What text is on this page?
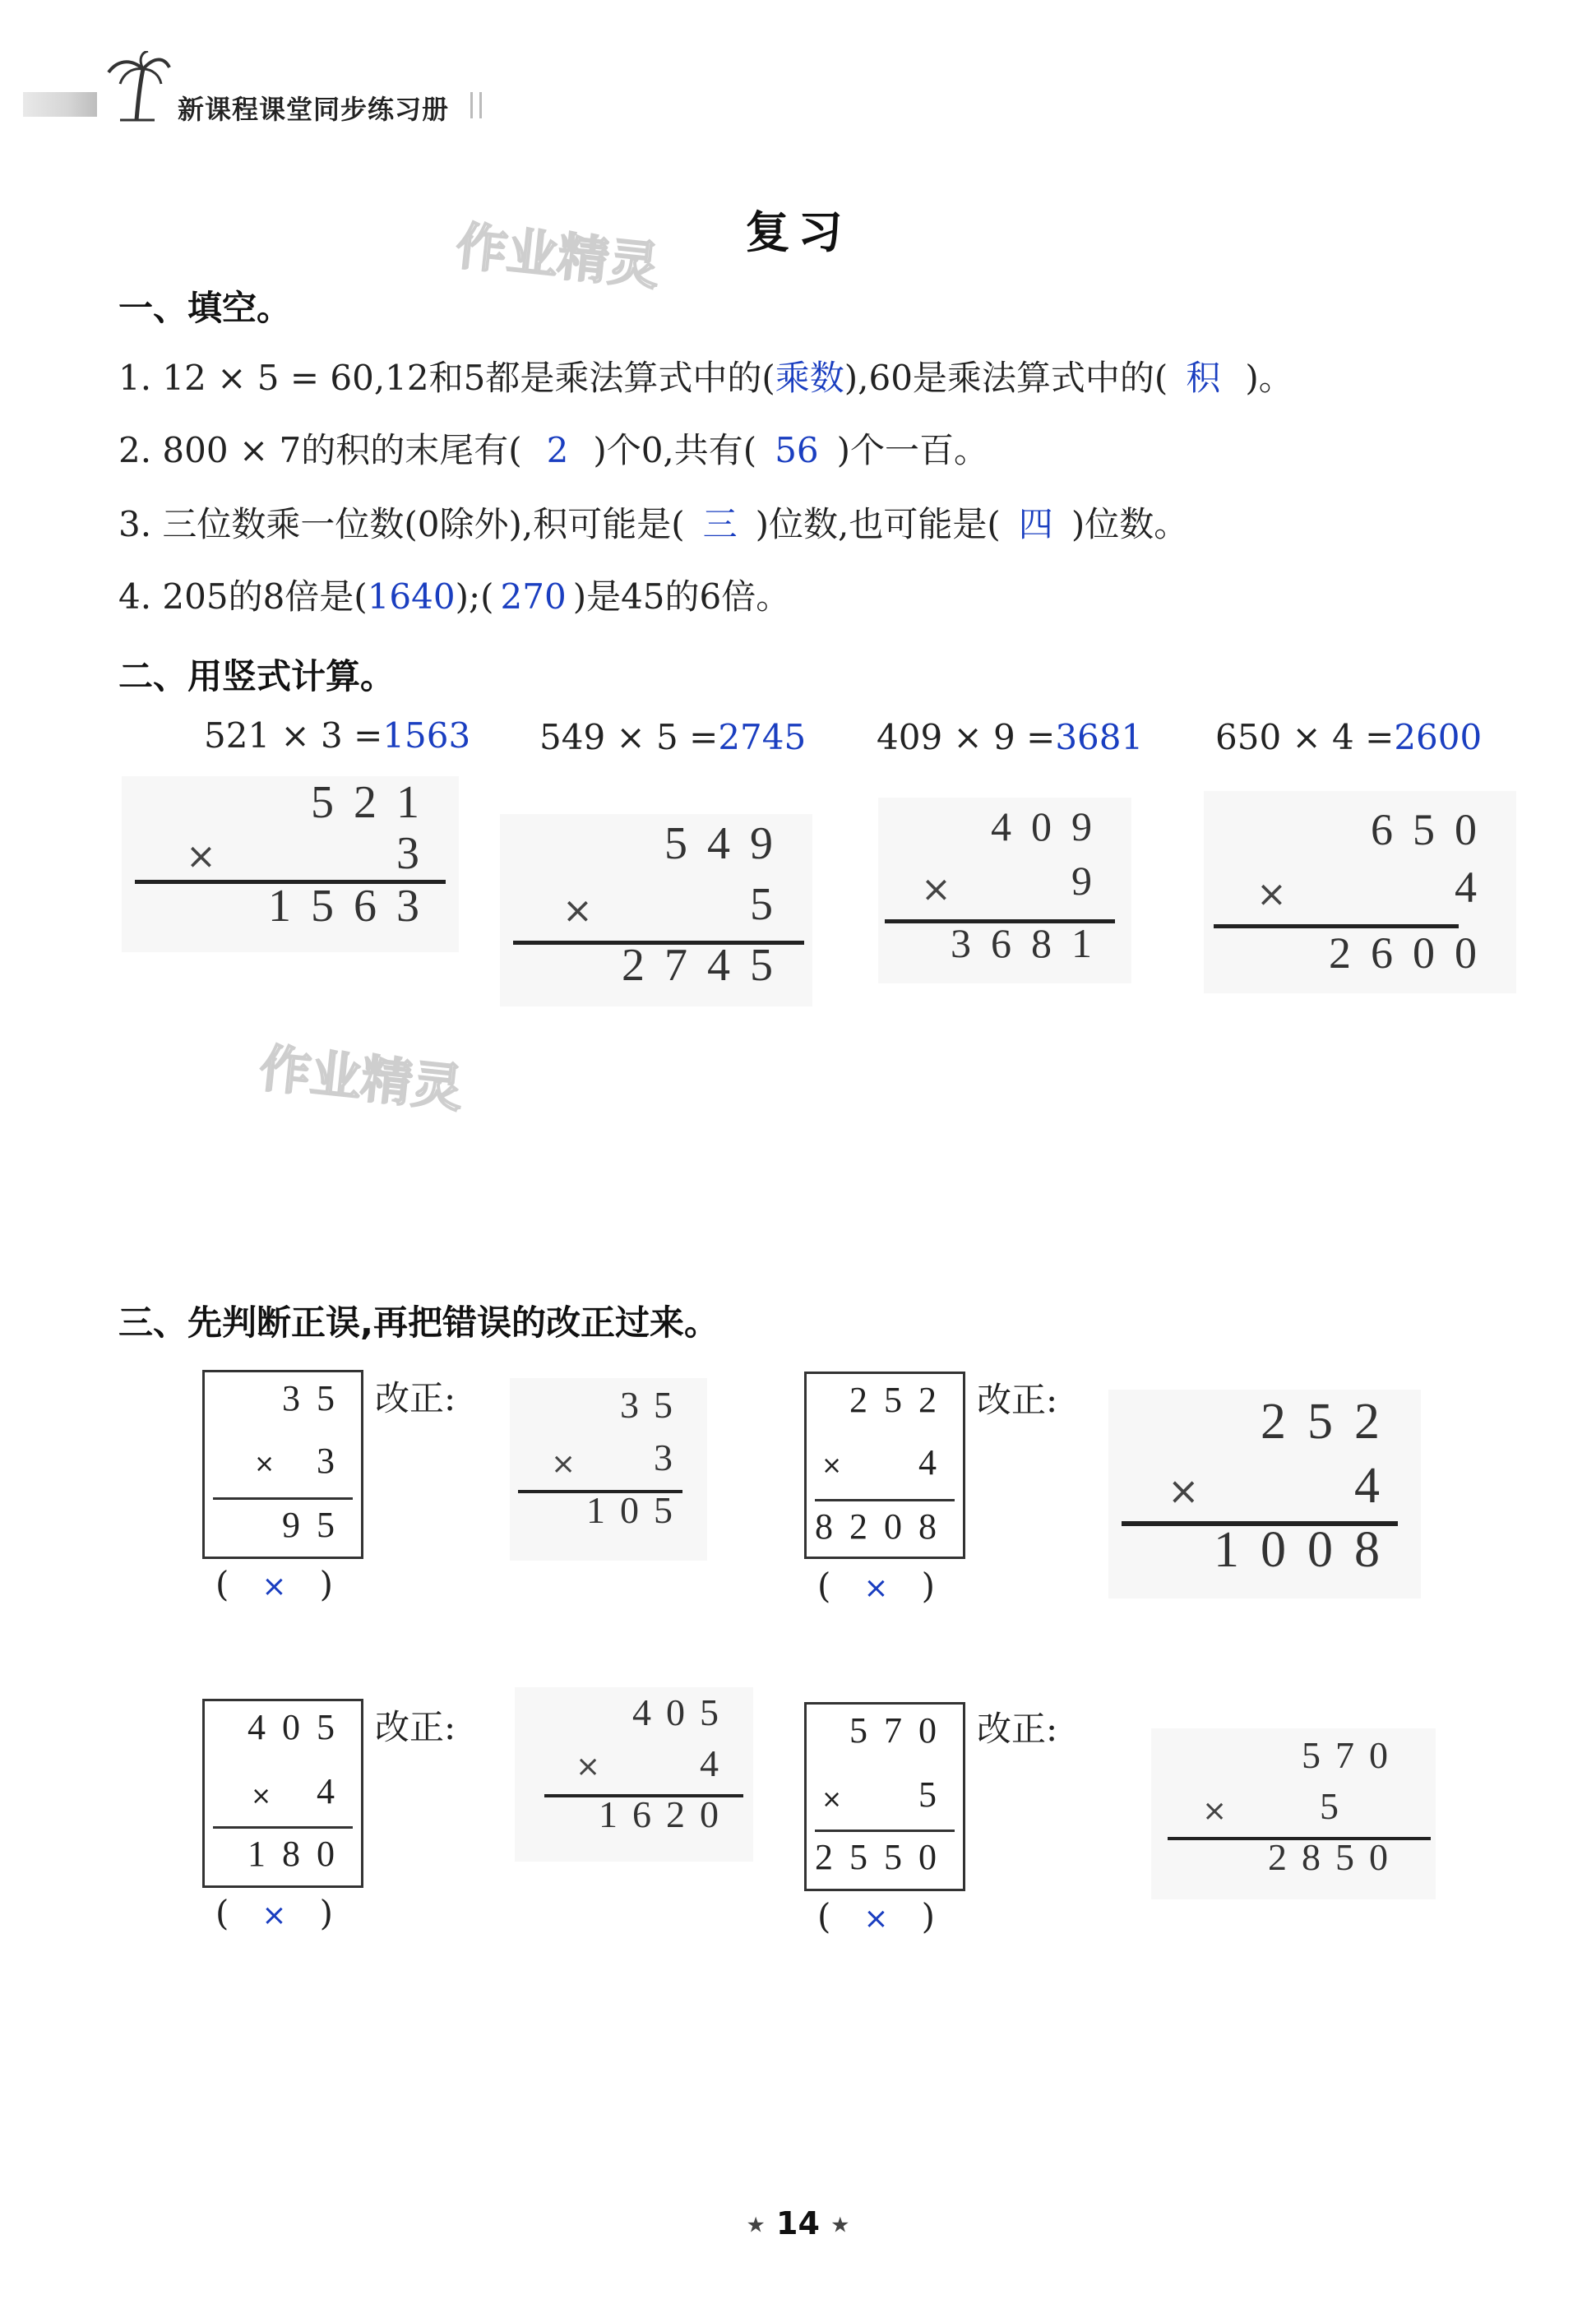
新课程课堂同步练习册
复习
作业精灵
作业精灵
一、填空。
1. 12 × 5 = 60,12和5都是乘法算式中的(乘数),60是乘法算式中的( 积 )。
2. 800 × 7的积的末尾有( 2 )个0,共有( 56 )个一百。
3. 三位数乘一位数(0除外),积可能是( 三 )位数,也可能是( 四 )位数。
4. 205的8倍是(1640);( 270 )是45的6倍。
二、用竖式计算。
521 × 3 =1563 549 × 5 =2745 409 × 9 =3681 650 × 4 =2600
521
×	3
1563
549
×	5
2745
409
×	9
3681
650
×	4
2600
三、先判断正误,再把错误的改正过来。
35
× 3
95
改正:
( × )
35
× 3
105
252
× 4
8208
改正:
( × )
252
×	4
1008
405
× 4
180
改正:
( × )
405
×	4
1620
570
× 5
2550
改正:
( × )
570
× 5
2850
★ 14 ★
